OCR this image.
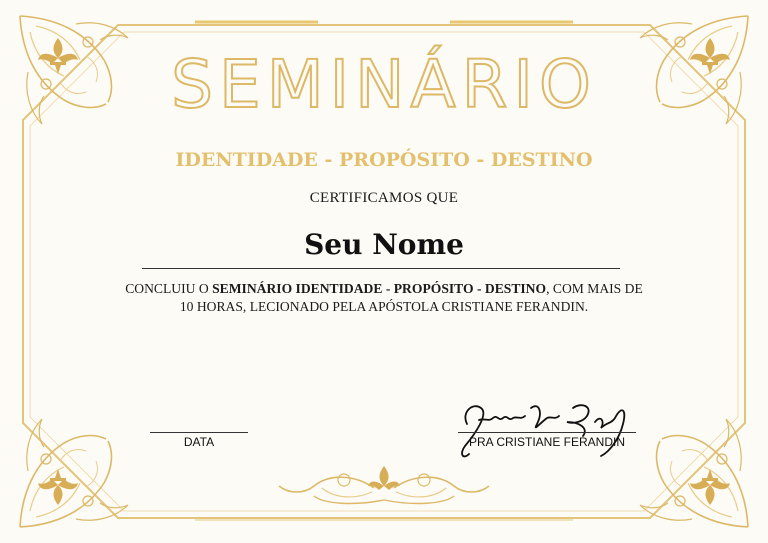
SEMINÁRIO
IDENTIDADE - PROPÓSITO - DESTINO
CERTIFICAMOS QUE
Seu Nome
CONCLUIU O SEMINÁRIO IDENTIDADE - PROPÓSITO - DESTINO, COM MAIS DE 10 HORAS, LECIONADO PELA APÓSTOLA CRISTIANE FERANDIN.
DATA	PRA CRISTIANE FERANDIN
